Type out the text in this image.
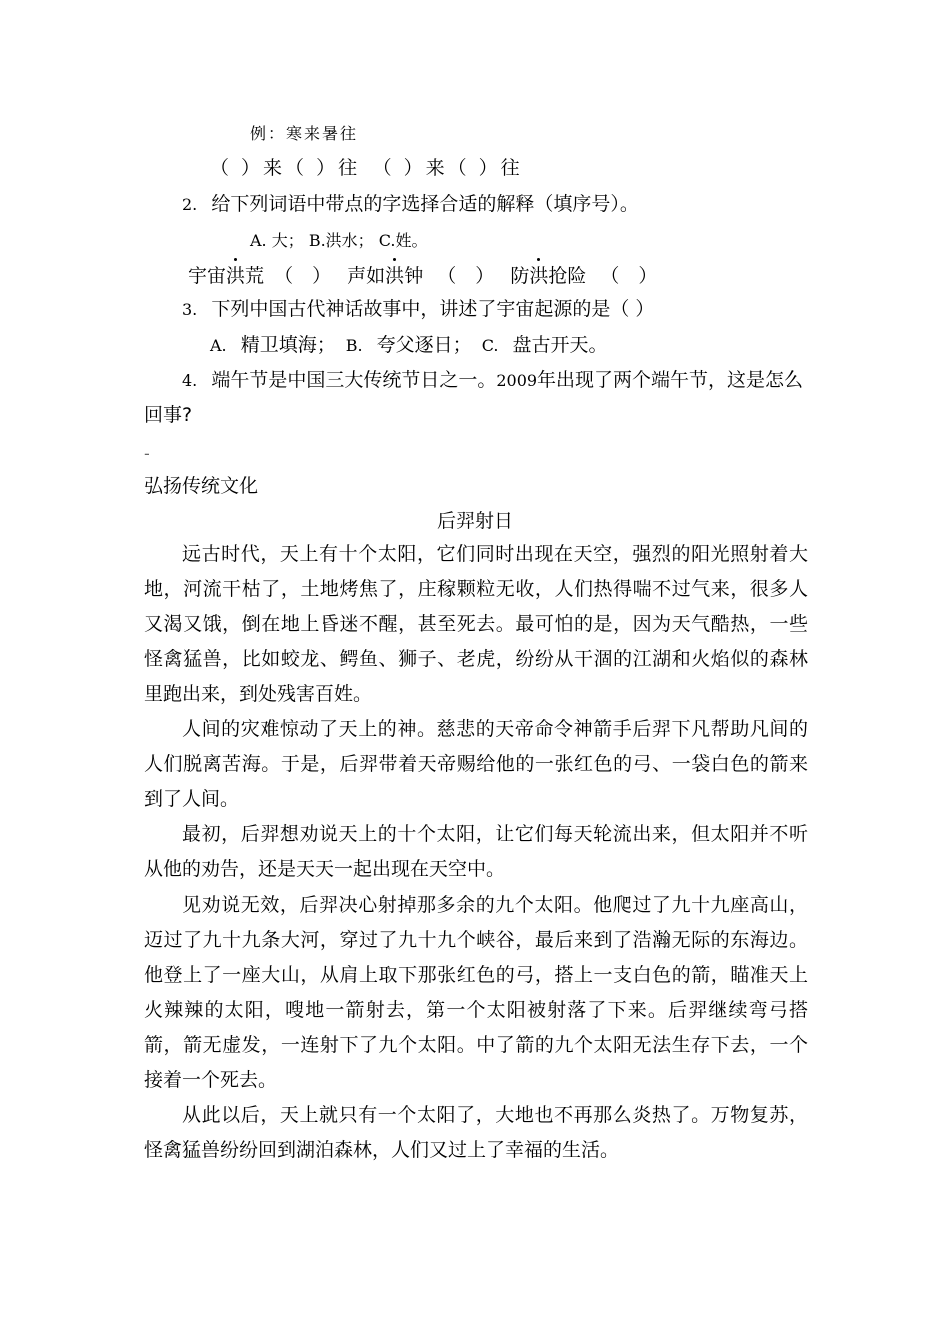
例：寒来暑往
（ ）来（ ）往　（ ）来（ ）往
2. 给下列词语中带点的字选择合适的解释（填序号）。
A. 大； B.洪水； C.姓。
宇宙洪荒 （　） 声如洪钟 （　） 防洪抢险 （　）
3. 下列中国古代神话故事中，讲述了宇宙起源的是（ ）
A. 精卫填海； B. 夸父逐日； C. 盘古开天。
4. 端午节是中国三大传统节日之一。2009年出现了两个端午节，这是怎么
回事?
-
弘扬传统文化
后羿射日

远古时代，天上有十个太阳，它们同时出现在天空，强烈的阳光照射着大地，河流干枯了，土地烤焦了，庄稼颗粒无收，人们热得喘不过气来，很多人又渴又饿，倒在地上昏迷不醒，甚至死去。最可怕的是，因为天气酷热，一些怪禽猛兽，比如蛟龙、鳄鱼、狮子、老虎，纷纷从干涸的江湖和火焰似的森林里跑出来，到处残害百姓。

人间的灾难惊动了天上的神。慈悲的天帝命令神箭手后羿下凡帮助凡间的人们脱离苦海。于是，后羿带着天帝赐给他的一张红色的弓、一袋白色的箭来到了人间。

最初，后羿想劝说天上的十个太阳，让它们每天轮流出来，但太阳并不听从他的劝告，还是天天一起出现在天空中。

见劝说无效，后羿决心射掉那多余的九个太阳。他爬过了九十九座高山，迈过了九十九条大河，穿过了九十九个峡谷，最后来到了浩瀚无际的东海边。他登上了一座大山，从肩上取下那张红色的弓，搭上一支白色的箭，瞄准天上火辣辣的太阳，嗖地一箭射去，第一个太阳被射落了下来。后羿继续弯弓搭箭，箭无虚发，一连射下了九个太阳。中了箭的九个太阳无法生存下去，一个接着一个死去。

从此以后，天上就只有一个太阳了，大地也不再那么炎热了。万物复苏，怪禽猛兽纷纷回到湖泊森林，人们又过上了幸福的生活。
